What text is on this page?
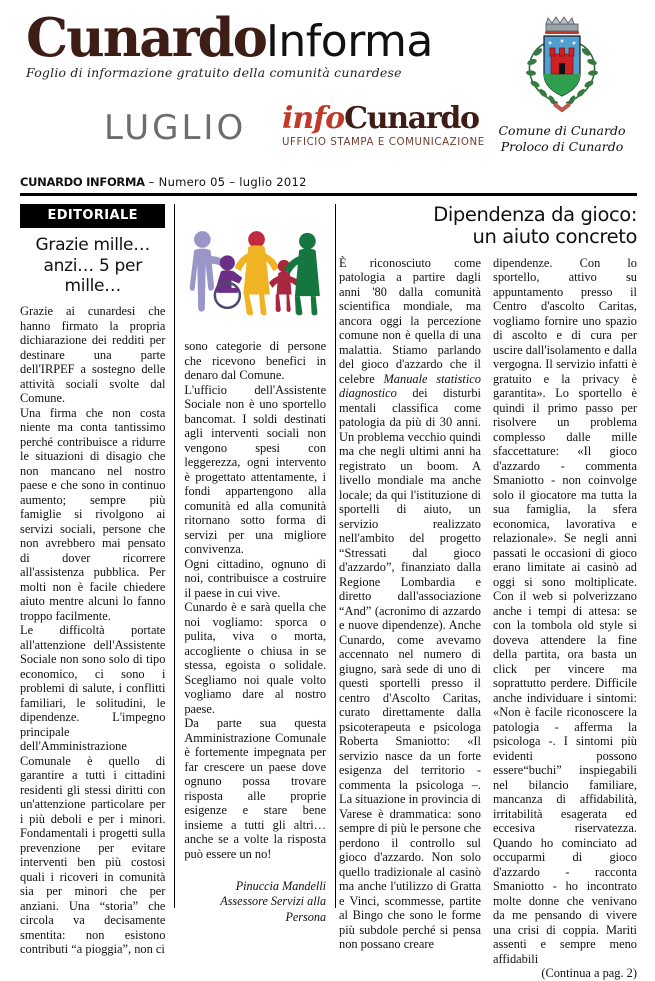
CunardoInforma
Foglio di informazione gratuito della comunità cunardese
LUGLIO infoCunardo
UFFICIO STAMPA E COMUNICAZIONE
Comune di Cunardo
Proloco di Cunardo
CUNARDO INFORMA – Numero 05 – luglio 2012
EDITORIALE
Grazie mille…
anzi… 5 per mille…

Grazie ai cunardesi che hanno firmato la propria dichiarazione dei redditi per destinare una parte dell'IRPEF a sostegno delle attività sociali svolte dal Comune.

Una firma che non costa niente ma conta tantissimo perché contribuisce a ridurre le situazioni di disagio che non mancano nel nostro paese e che sono in continuo aumento; sempre più famiglie si rivolgono ai servizi sociali, persone che non avrebbero mai pensato di dover ricorrere all'assistenza pubblica. Per molti non è facile chiedere aiuto mentre alcuni lo fanno troppo facilmente.

Le difficoltà portate all'attenzione dell'Assistente Sociale non sono solo di tipo economico, ci sono i problemi di salute, i conflitti familiari, le solitudini, le dipendenze. L'impegno principale dell'Amministrazione Comunale è quello di garantire a tutti i cittadini residenti gli stessi diritti con un'attenzione particolare per i più deboli e per i minori. Fondamentali i progetti sulla prevenzione per evitare interventi ben più costosi quali i ricoveri in comunità sia per minori che per anziani. Una “storia” che circola va decisamente smentita: non esistono contributi “a pioggia”, non ci

sono categorie di persone che ricevono benefici in denaro dal Comune.

L'ufficio dell'Assistente Sociale non è uno sportello bancomat. I soldi destinati agli interventi sociali non vengono spesi con leggerezza, ogni intervento è progettato attentamente, i fondi appartengono alla comunità ed alla comunità ritornano sotto forma di servizi per una migliore convivenza.

Ogni cittadino, ognuno di noi, contribuisce a costruire il paese in cui vive.

Cunardo è e sarà quella che noi vogliamo: sporca o pulita, viva o morta, accogliente o chiusa in se stessa, egoista o solidale. Scegliamo noi quale volto vogliamo dare al nostro paese.

Da parte sua questa Amministrazione Comunale è fortemente impegnata per far crescere un paese dove ognuno possa trovare risposta alle proprie esigenze e stare bene insieme a tutti gli altri… anche se a volte la risposta può essere un no!

Pinuccia Mandelli
Assessore Servizi alla Persona
Dipendenza da gioco:
un aiuto concreto

È riconosciuto come patologia a partire dagli anni '80 dalla comunità scientifica mondiale, ma ancora oggi la percezione comune non è quella di una malattia. Stiamo parlando del gioco d'azzardo che il celebre Manuale statistico diagnostico dei disturbi mentali classifica come patologia da più di 30 anni. Un problema vecchio quindi ma che negli ultimi anni ha registrato un boom. A livello mondiale ma anche locale; da qui l'istituzione di sportelli di aiuto, un servizio realizzato nell'ambito del progetto “Stressati dal gioco d'azzardo”, finanziato dalla Regione Lombardia e diretto dall'associazione “And” (acronimo di azzardo e nuove dipendenze). Anche Cunardo, come avevamo accennato nel numero di giugno, sarà sede di uno di questi sportelli presso il centro d'Ascolto Caritas, curato direttamente dalla psicoterapeuta e psicologa Roberta Smaniotto: «Il servizio nasce da un forte esigenza del territorio - commenta la psicologa –. La situazione in provincia di Varese è drammatica: sono sempre di più le persone che perdono il controllo sul gioco d'azzardo. Non solo quello tradizionale al casinò ma anche l'utilizzo di Gratta e Vinci, scommesse, partite al Bingo che sono le forme più subdole perché si pensa non possano creare

dipendenze. Con lo sportello, attivo su appuntamento presso il Centro d'ascolto Caritas, vogliamo fornire uno spazio di ascolto e di cura per uscire dall'isolamento e dalla vergogna. Il servizio infatti è gratuito e la privacy è garantita». Lo sportello è quindi il primo passo per risolvere un problema complesso dalle mille sfaccettature: «Il gioco d'azzardo - commenta Smaniotto - non coinvolge solo il giocatore ma tutta la sua famiglia, la sfera economica, lavorativa e relazionale». Se negli anni passati le occasioni di gioco erano limitate ai casinò ad oggi si sono moltiplicate. Con il web si polverizzano anche i tempi di attesa: se con la tombola old style si doveva attendere la fine della partita, ora basta un click per vincere ma soprattutto perdere. Difficile anche individuare i sintomi: «Non è facile riconoscere la patologia - afferma la psicologa -. I sintomi più evidenti possono essere“buchi” inspiegabili nel bilancio familiare, mancanza di affidabilità, irritabilità esagerata ed eccesiva riservatezza. Quando ho cominciato ad occuparmi di gioco d'azzardo - racconta Smaniotto - ho incontrato molte donne che venivano da me pensando di vivere una crisi di coppia. Mariti assenti e sempre meno affidabili

(Continua a pag. 2)
